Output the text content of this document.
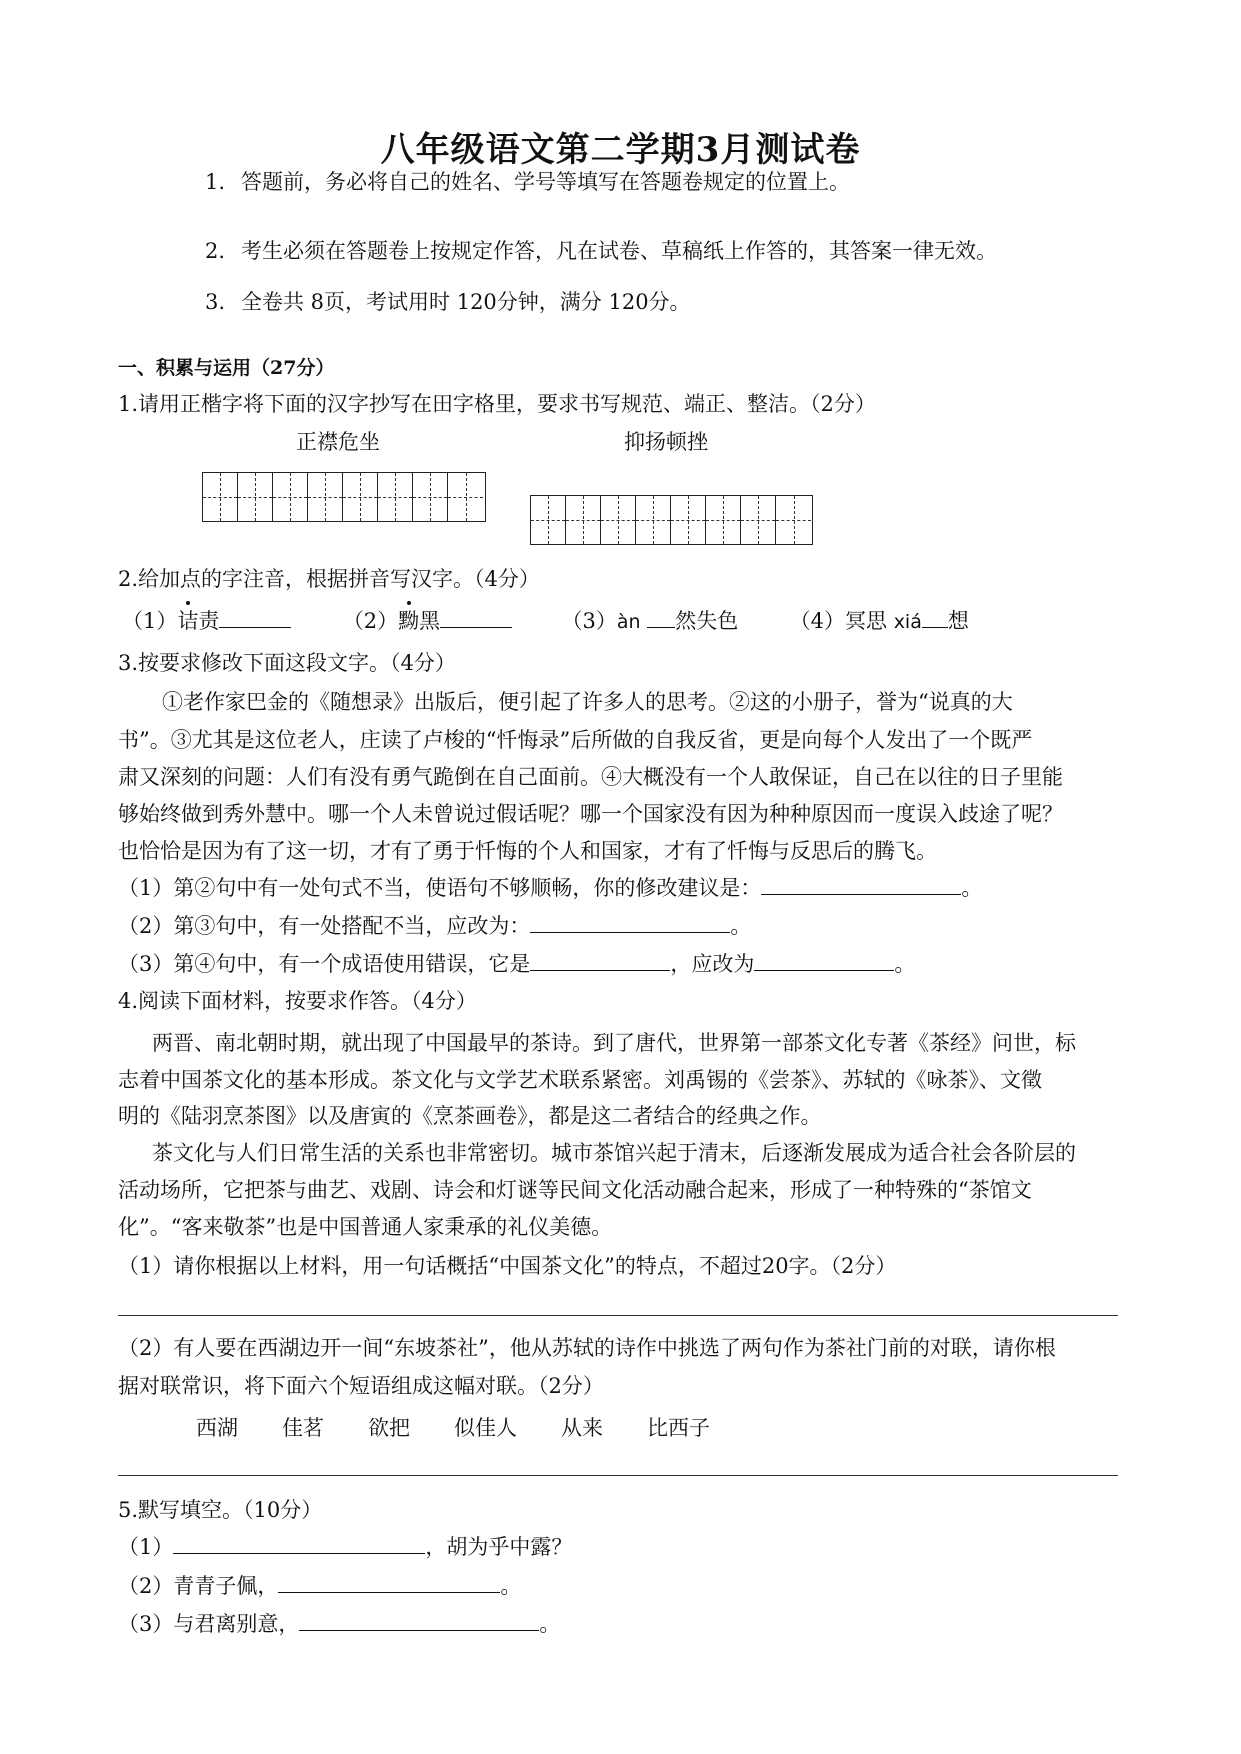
八年级语文第二学期3月测试卷
1. 答题前，务必将自己的姓名、学号等填写在答题卷规定的位置上。
2. 考生必须在答题卷上按规定作答，凡在试卷、草稿纸上作答的，其答案一律无效。
3. 全卷共 8页，考试用时 120分钟，满分 120分。
一、积累与运用（27分）
1.请用正楷字将下面的汉字抄写在田字格里，要求书写规范、端正、整洁。（2分）
正襟危坐	抑扬顿挫
2.给加点的字注音，根据拼音写汉字。（4分）
（1）诘责	（2）黝黑	（3）àn 然失色 （4）冥思 xiá 想
3.按要求修改下面这段文字。（4分）
①老作家巴金的《随想录》出版后，便引起了许多人的思考。②这的小册子，誉为“说真的大
书”。③尤其是这位老人，庄读了卢梭的“忏悔录”后所做的自我反省，更是向每个人发出了一个既严
肃又深刻的问题：人们有没有勇气跪倒在自己面前。④大概没有一个人敢保证，自己在以往的日子里能
够始终做到秀外慧中。哪一个人未曾说过假话呢？哪一个国家没有因为种种原因而一度误入歧途了呢？
也恰恰是因为有了这一切，才有了勇于忏悔的个人和国家，才有了忏悔与反思后的腾飞。
（1）第②句中有一处句式不当，使语句不够顺畅，你的修改建议是：	。
（2）第③句中，有一处搭配不当，应改为：	。
（3）第④句中，有一个成语使用错误，它是	，应改为	。
4.阅读下面材料，按要求作答。（4分）
两晋、南北朝时期，就出现了中国最早的茶诗。到了唐代，世界第一部茶文化专著《茶经》问世，标
志着中国茶文化的基本形成。茶文化与文学艺术联系紧密。刘禹锡的《尝茶》、苏轼的《咏茶》、文徵
明的《陆羽烹茶图》以及唐寅的《烹茶画卷》，都是这二者结合的经典之作。
茶文化与人们日常生活的关系也非常密切。城市茶馆兴起于清末，后逐渐发展成为适合社会各阶层的
活动场所，它把茶与曲艺、戏剧、诗会和灯谜等民间文化活动融合起来，形成了一种特殊的“茶馆文
化”。“客来敬茶”也是中国普通人家秉承的礼仪美德。
（1）请你根据以上材料，用一句话概括“中国茶文化”的特点，不超过20字。（2分）
（2）有人要在西湖边开一间“东坡茶社”，他从苏轼的诗作中挑选了两句作为茶社门前的对联，请你根
据对联常识，将下面六个短语组成这幅对联。（2分）
西湖 佳茗 欲把 似佳人 从来 比西子
5.默写填空。（10分）
（1）	，胡为乎中露？
（2）青青子佩，	。
（3）与君离别意，	。
